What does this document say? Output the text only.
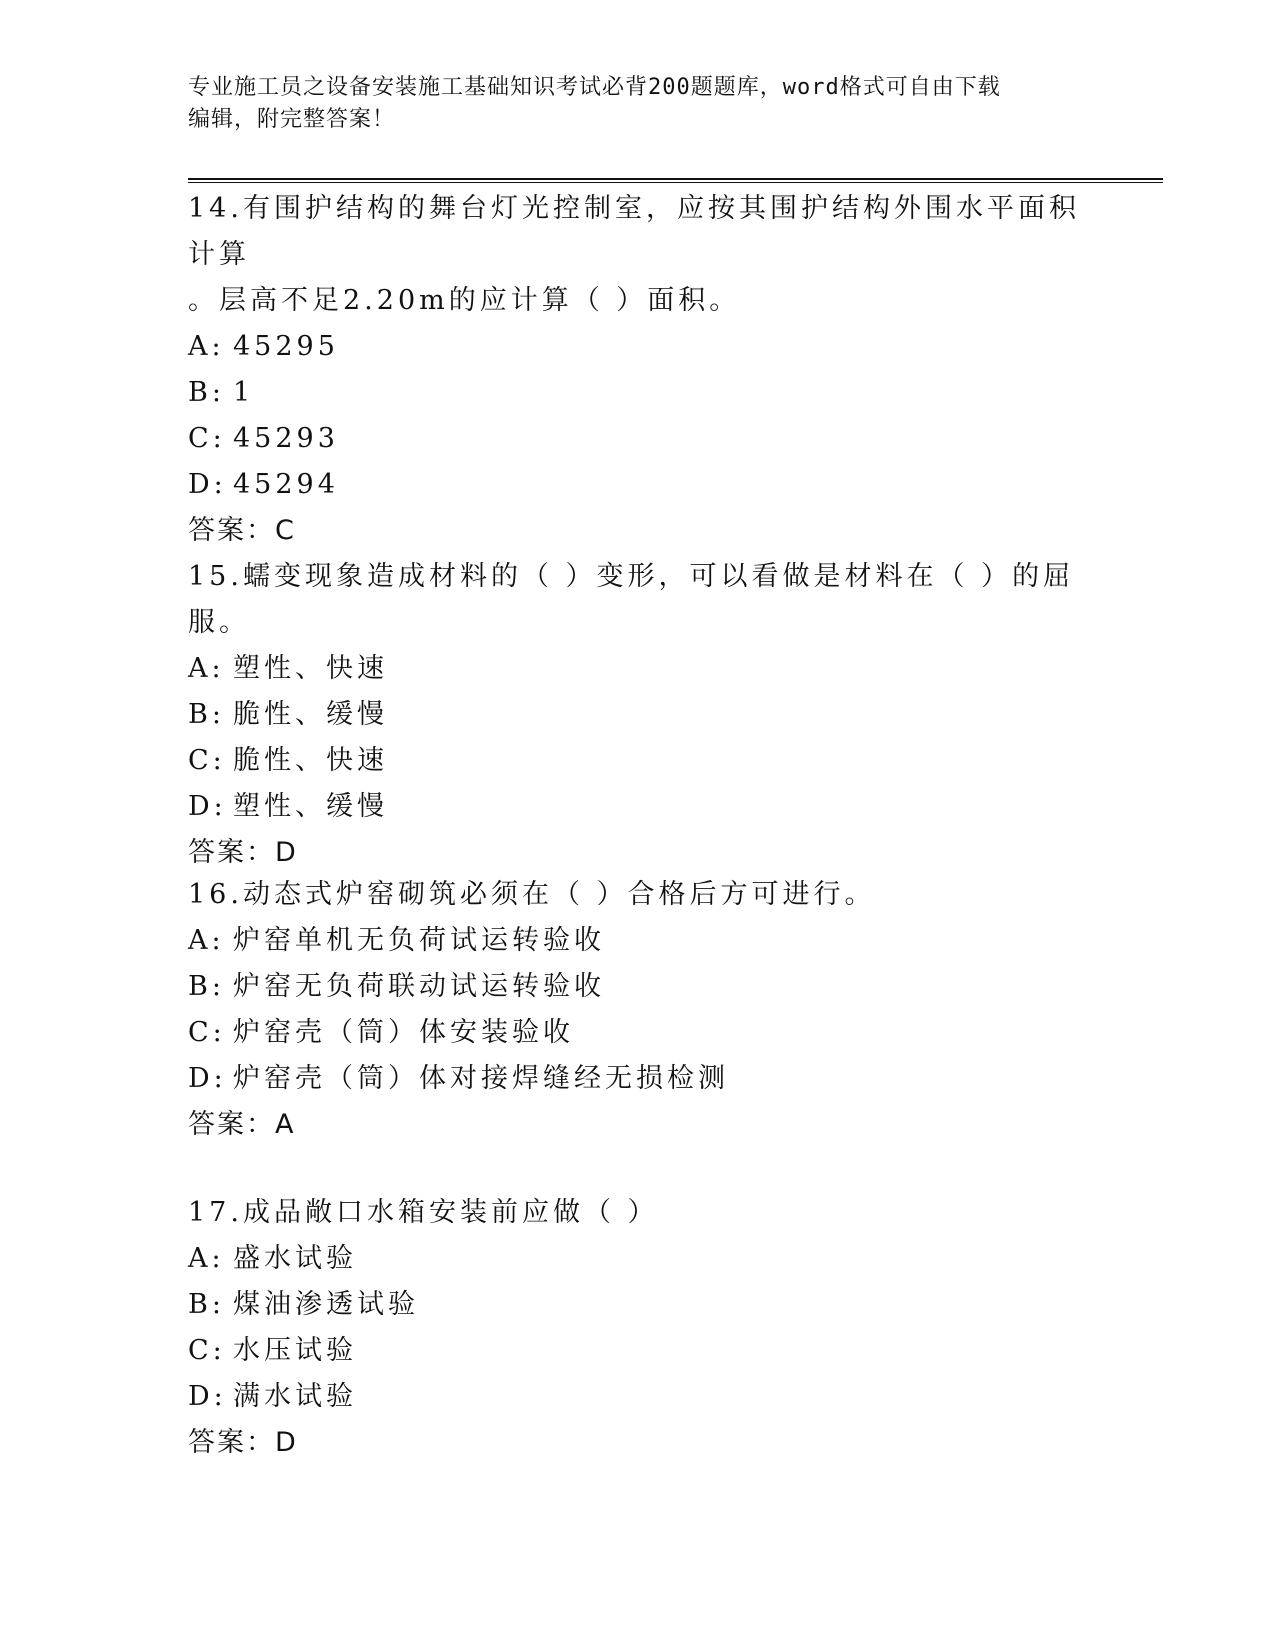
专业施工员之设备安装施工基础知识考试必背200题题库，word格式可自由下载
编辑，附完整答案！

14.有围护结构的舞台灯光控制室，应按其围护结构外围水平面积计算

。层高不足2.20m的应计算（ ）面积。

A: 45295

B: 1

C: 45293

D: 45294

答案：C

15.蠕变现象造成材料的（ ）变形，可以看做是材料在（ ）的屈服。

A: 塑性、快速

B: 脆性、缓慢

C: 脆性、快速

D: 塑性、缓慢

答案：D

16.动态式炉窑砌筑必须在（ ）合格后方可进行。

A: 炉窑单机无负荷试运转验收

B: 炉窑无负荷联动试运转验收

C: 炉窑壳（筒）体安装验收

D: 炉窑壳（筒）体对接焊缝经无损检测

答案：A

17.成品敞口水箱安装前应做（ ）

A: 盛水试验

B: 煤油渗透试验

C: 水压试验

D: 满水试验

答案：D
